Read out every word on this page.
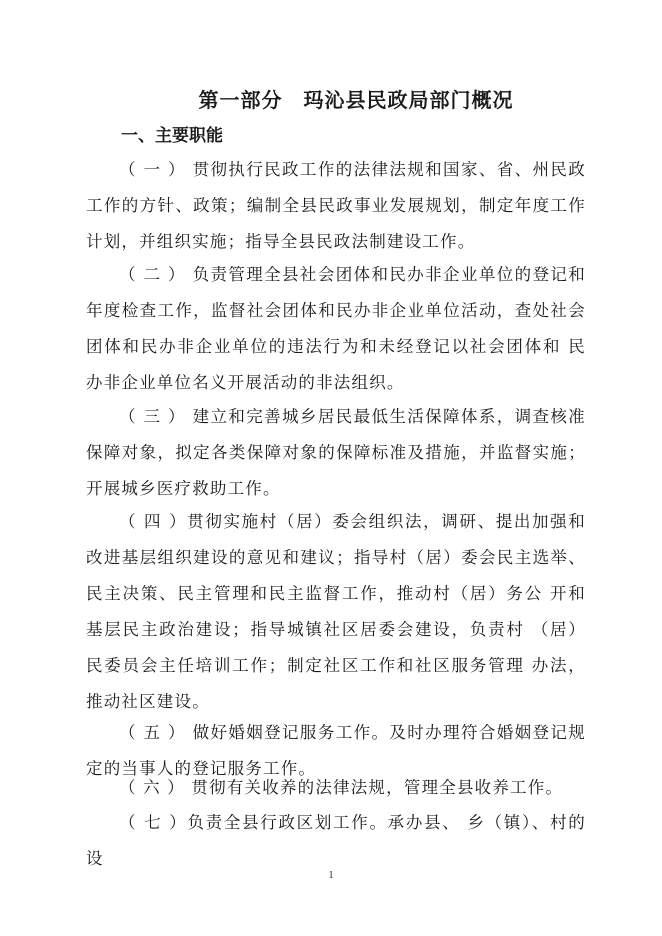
第一部分　玛沁县民政局部门概况
一、主要职能

（ 一 ） 贯彻执行民政工作的法律法规和国家、省、州民政工作的方针、政策；编制全县民政事业发展规划，制定年度工作计划，并组织实施；指导全县民政法制建设工作。

（ 二 ） 负责管理全县社会团体和民办非企业单位的登记和年度检查工作，监督社会团体和民办非企业单位活动，查处社会团体和民办非企业单位的违法行为和未经登记以社会团体和 民办非企业单位名义开展活动的非法组织。

（ 三 ） 建立和完善城乡居民最低生活保障体系，调查核准保障对象，拟定各类保障对象的保障标准及措施，并监督实施；开展城乡医疗救助工作。

（ 四 ）贯彻实施村（居）委会组织法，调研、提出加强和改进基层组织建设的意见和建议；指导村（居）委会民主选举、民主决策、民主管理和民主监督工作，推动村（居）务公 开和基层民主政治建设；指导城镇社区居委会建设，负责村 （居）民委员会主任培训工作；制定社区工作和社区服务管理 办法，推动社区建设。

（ 五 ） 做好婚姻登记服务工作。及时办理符合婚姻登记规定的当事人的登记服务工作。

（ 六 ） 贯彻有关收养的法律法规，管理全县收养工作。

（ 七 ）负责全县行政区划工作。承办县、 乡（镇）、村的 设

1
